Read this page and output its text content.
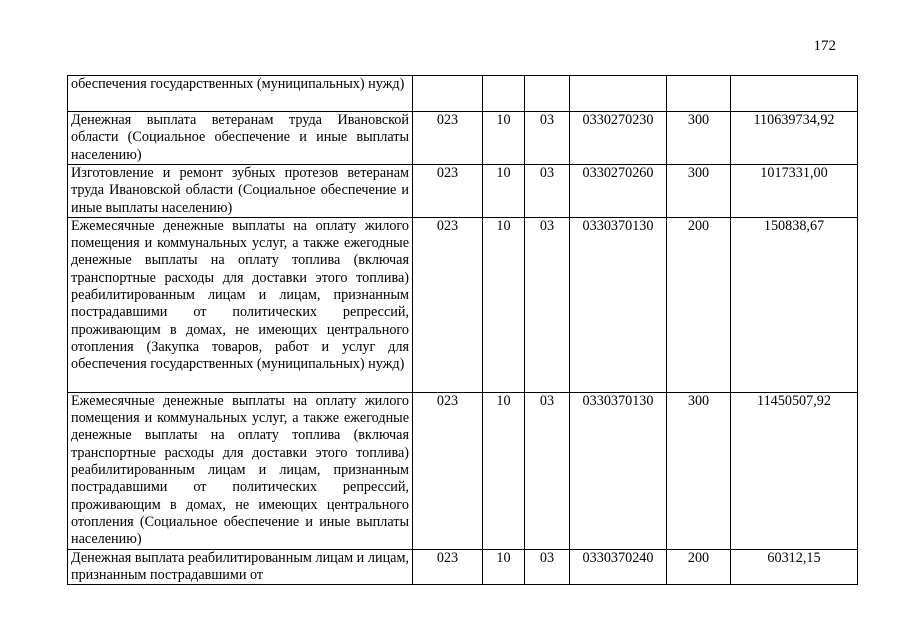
172
обеспечения государственных (муниципальных) нужд)						
Денежная выплата ветеранам труда Ивановской области (Социальное обеспечение и иные выплаты населению)	023	10	03	0330270230	300	110639734,92
Изготовление и ремонт зубных протезов ветеранам труда Ивановской области (Социальное обеспечение и иные выплаты населению)	023	10	03	0330270260	300	1017331,00
Ежемесячные денежные выплаты на оплату жилого помещения и коммунальных услуг, а также ежегодные денежные выплаты на оплату топлива (включая транспортные расходы для доставки этого топлива) реабилитированным лицам и лицам, признанным пострадавшими от политических репрессий, проживающим в домах, не имеющих центрального отопления (Закупка товаров, работ и услуг для обеспечения государственных (муниципальных) нужд)	023	10	03	0330370130	200	150838,67
Ежемесячные денежные выплаты на оплату жилого помещения и коммунальных услуг, а также ежегодные денежные выплаты на оплату топлива (включая транспортные расходы для доставки этого топлива) реабилитированным лицам и лицам, признанным пострадавшими от политических репрессий, проживающим в домах, не имеющих центрального отопления (Социальное обеспечение и иные выплаты населению)	023	10	03	0330370130	300	11450507,92
Денежная выплата реабилитированным лицам и лицам, признанным пострадавшими от	023	10	03	0330370240	200	60312,15
